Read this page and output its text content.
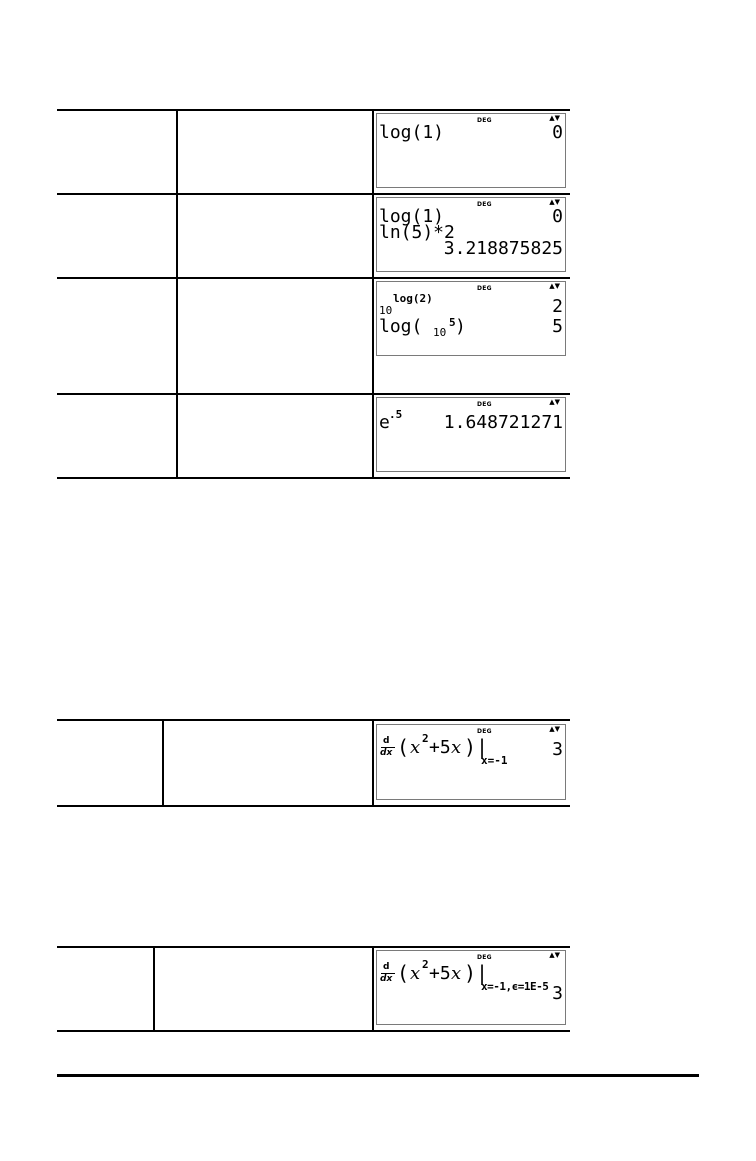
DEG	▲▼
log(1)	0
DEG	▲▼
log(1)	0
ln(5)*2
3.218875825
DEG	▲▼
10
log(2)	2
log( 10
5 )	5
DEG	▲▼
e .5 1.648721271
DEG	▲▼
d
dx ( x 2 +5 x )|
x=-1
3
DEG	▲▼
d
dx ( x 2 +5 x )|
x=-1,ϵ=1E-5 3
